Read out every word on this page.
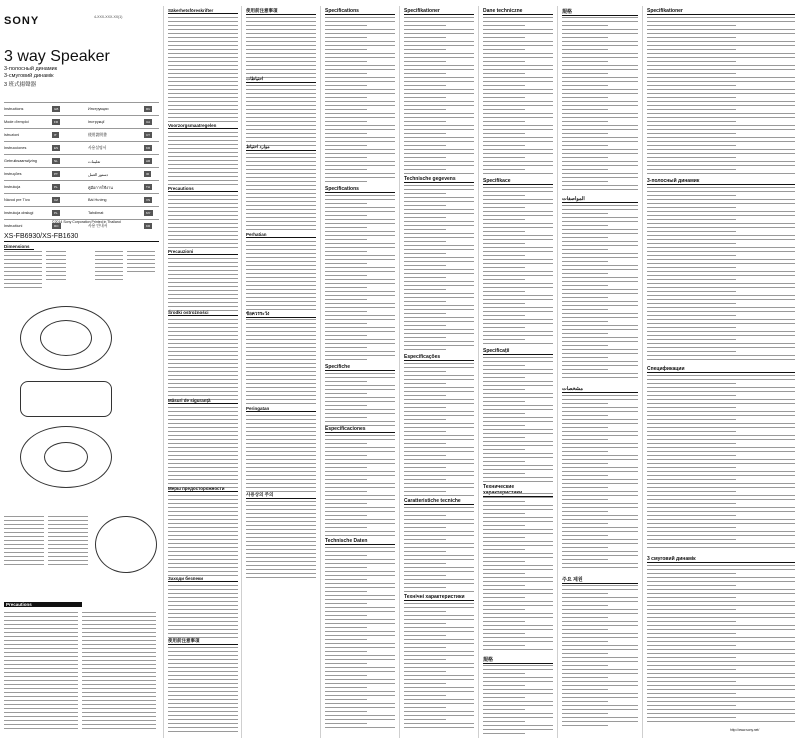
SONY	4-XXX-XXX-XX(1)
3 way Speaker
3-полосный динамик
3-смуговий динамік
3 班式揚聲器
Instructions	GB	Инструкции	RU
Mode d'emploi	FR	Інструкції	UA
Istruzioni	IT	使用說明書	CT
Instrucciones	ES	사용설명서	KR
Gebruiksaanwijzing	NL	تعليمات	AR
Instruções	PT	دستور العمل	IR
Instrukcja	PL	คู่มือการใช้งาน	TH
Návod pre Tívo	CZ	Bài Hướng	VN
Instrukcja obsługi	PL	Tahdimat	MY
Instructiuni	RO	사용 안내서	KR
©2014 Sony Corporation Printed in Thailand
XS-FB6930/XS-FB1630
Dimensions
Precautions
Säkerhetsföreskrifter
Voorzorgsmaatregelen
Precautions
Precauzioni
Środki ostrożności
Măsuri de siguranță
Меры предосторожности
Заходи безпеки
使用前注意事項
使用前注意事項
احتياطات
موارد احتیاط
Perhatian
ข้อควรระวัง
Peringatan
사용상의 주의
Specifications
Specifications
Specifiche
Especificaciones
Technische Daten
Specifikationer
Technische gegevens
Especificações
Caratteristiche tecniche
Технічні характеристики
Dane techniczne
Specifikace
Specificații
Технические
規格
規格
المواصفات
مشخصات
주요 제원
Specifikationer
3-полосный динамик
Спецификации
3 смуговий динамік
http://www.sony.net/
